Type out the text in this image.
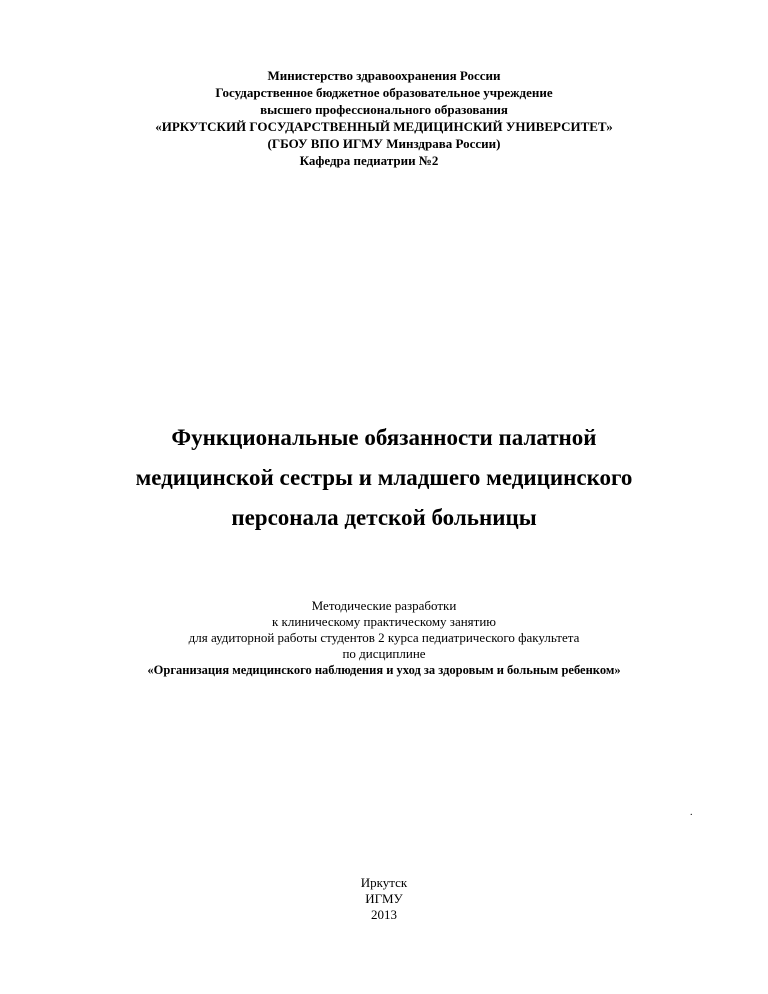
Министерство здравоохранения России
Государственное бюджетное образовательное учреждение
высшего профессионального образования
«ИРКУТСКИЙ ГОСУДАРСТВЕННЫЙ МЕДИЦИНСКИЙ УНИВЕРСИТЕТ»
(ГБОУ ВПО ИГМУ Минздрава России)
Кафедра педиатрии №2
Функциональные обязанности палатной
медицинской сестры и младшего медицинского
персонала детской больницы
Методические разработки
к клиническому практическому занятию
для аудиторной работы студентов 2 курса педиатрического факультета
по дисциплине
«Организация медицинского наблюдения и уход за здоровым и больным ребенком»
.
Иркутск
ИГМУ
2013
